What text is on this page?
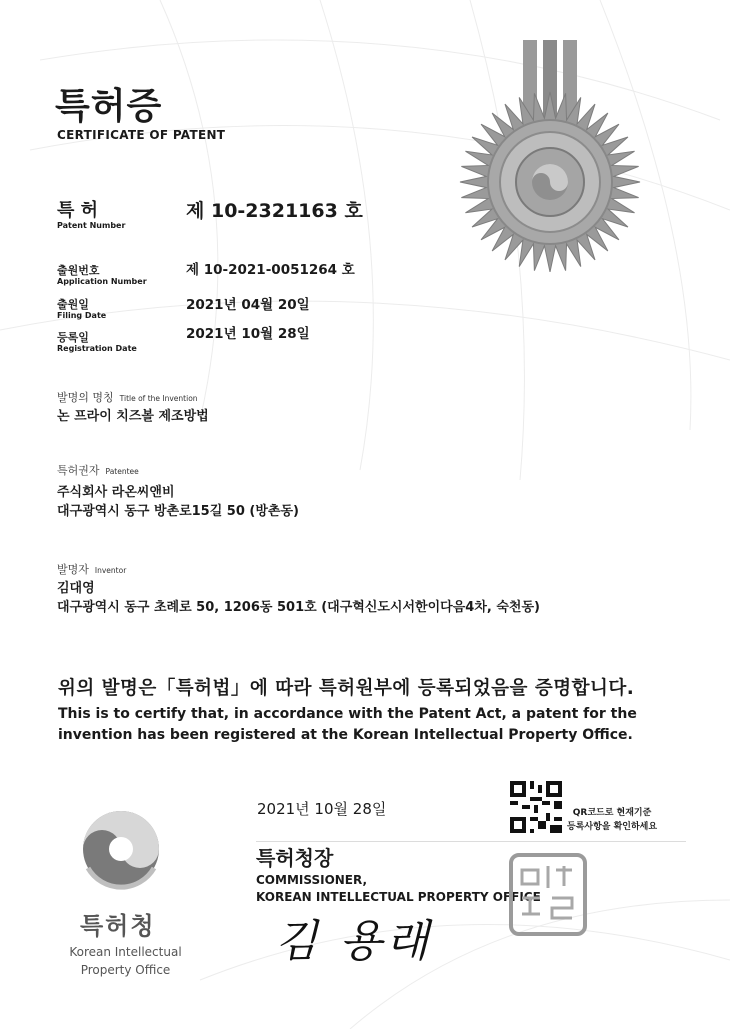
특허증
CERTIFICATE OF PATENT
특 허
Patent Number
제 10-2321163 호
출원번호
Application Number
제 10-2021-0051264 호
출원일
Filing Date
2021년 04월 20일
등록일
Registration Date
2021년 10월 28일
발명의 명칭 Title of the Invention
논 프라이 치즈볼 제조방법
특허권자 Patentee
주식회사 라온씨앤비
대구광역시 동구 방촌로15길 50 (방촌동)
발명자 Inventor
김대영
대구광역시 동구 초례로 50, 1206동 501호 (대구혁신도시서한이다음4차, 숙천동)
위의 발명은「특허법」에 따라 특허원부에 등록되었음을 증명합니다.
This is to certify that, in accordance with the Patent Act, a patent for the
invention has been registered at the Korean Intellectual Property Office.
2021년 10월 28일	QR코드로 현재기준
등록사항을 확인하세요
특허청장
COMMISSIONER,
KOREAN INTELLECTUAL PROPERTY OFFICE
김 용래
특허청
Korean Intellectual
Property Office
